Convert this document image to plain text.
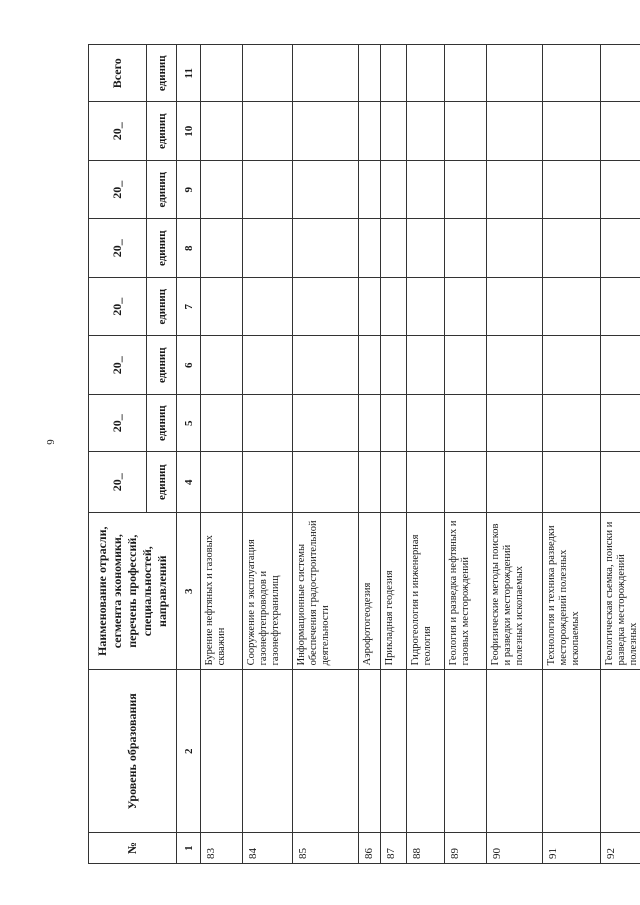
6
№	Уровень образования	Наименование отрасли, сегмента экономики, перечень профессий, специальностей, направлений	20_	20_	20_	20_	20_	20_	20_	Всего
			единиц	единиц	единиц	единиц	единиц	единиц	единиц	единиц
1	2	3	4	5	6	7	8	9	10	11
83		Бурение нефтяных и газовых скважин								
84		Сооружение и эксплуатация газонефтепроводов и газонефтехранилищ								
85		Информационные системы обеспечения градостроительной деятельности								
86		Аэрофотогеодезия								
87		Прикладная геодезия								
88		Гидрогеология и инженерная геология								
89		Геология и разведка нефтяных и газовых месторождений								
90		Геофизические методы поисков и разведки месторождений полезных ископаемых								
91		Технология и техника разведки месторождений полезных ископаемых								
92		Геологическая съемка, поиски и разведка месторождений полезных								
